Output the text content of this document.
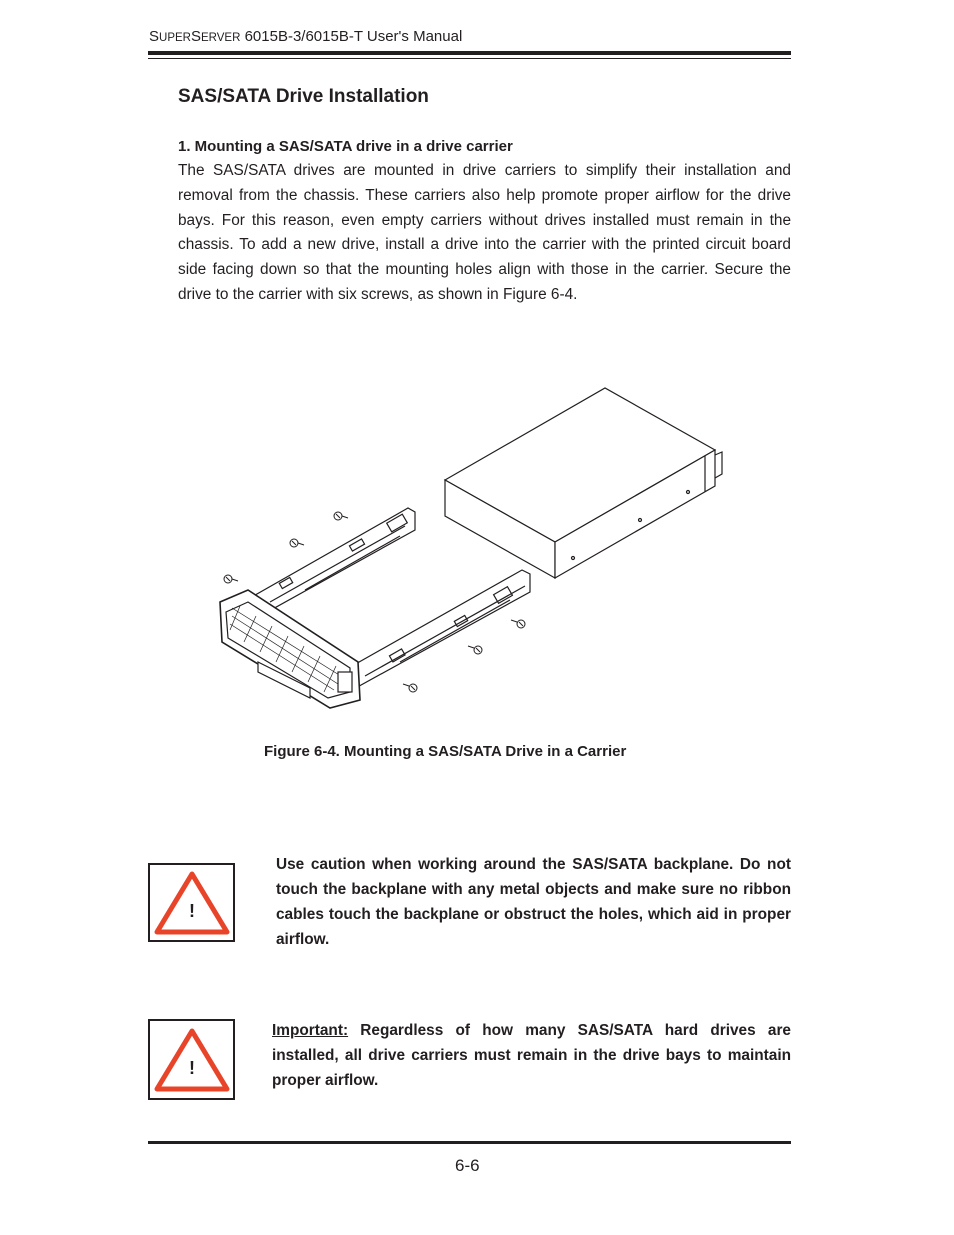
SUPERSERVER 6015B-3/6015B-T User's Manual
SAS/SATA Drive Installation
1. Mounting a SAS/SATA drive in a drive carrier

The SAS/SATA drives are mounted in drive carriers to simplify their installation and removal from the chassis. These carriers also help promote proper airflow for the drive bays. For this reason, even empty carriers without drives installed must remain in the chassis. To add a new drive, install a drive into the carrier with the printed circuit board side facing down so that the mounting holes align with those in the carrier. Secure the drive to the carrier with six screws, as shown in Figure 6-4.

Figure 6-4. Mounting a SAS/SATA Drive in a Carrier
!

Use caution when working around the SAS/SATA backplane. Do not touch the backplane with any metal objects and make sure no ribbon cables touch the backplane or obstruct the holes, which aid in proper airflow.

!

Important: Regardless of how many SAS/SATA hard drives are installed, all drive carriers must remain in the drive bays to maintain proper airflow.

6-6
